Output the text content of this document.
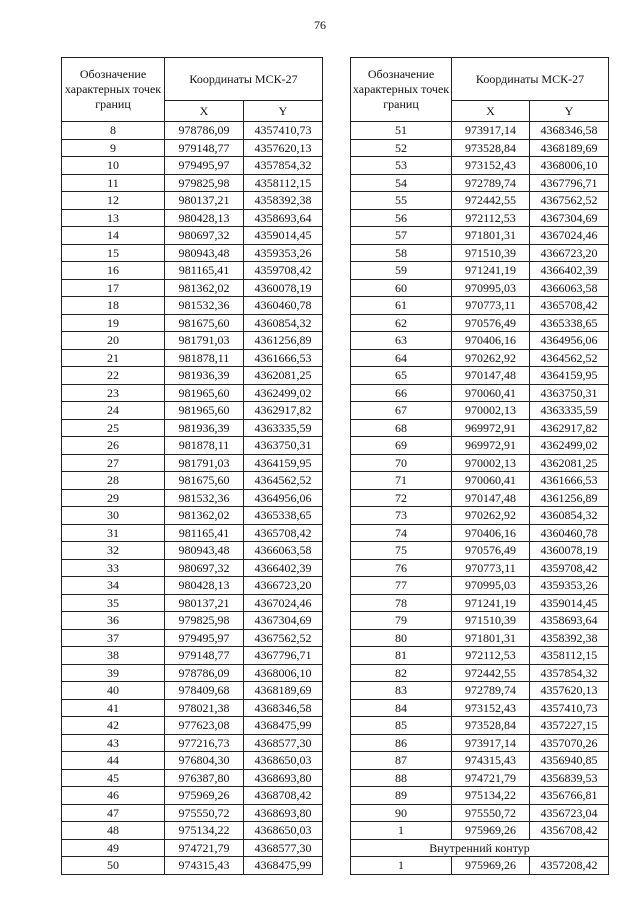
76
Обозначение характерных точек границ	Координаты МСК-27	
	X	Y
8	978786,09	4357410,73
9	979148,77	4357620,13
10	979495,97	4357854,32
11	979825,98	4358112,15
12	980137,21	4358392,38
13	980428,13	4358693,64
14	980697,32	4359014,45
15	980943,48	4359353,26
16	981165,41	4359708,42
17	981362,02	4360078,19
18	981532,36	4360460,78
19	981675,60	4360854,32
20	981791,03	4361256,89
21	981878,11	4361666,53
22	981936,39	4362081,25
23	981965,60	4362499,02
24	981965,60	4362917,82
25	981936,39	4363335,59
26	981878,11	4363750,31
27	981791,03	4364159,95
28	981675,60	4364562,52
29	981532,36	4364956,06
30	981362,02	4365338,65
31	981165,41	4365708,42
32	980943,48	4366063,58
33	980697,32	4366402,39
34	980428,13	4366723,20
35	980137,21	4367024,46
36	979825,98	4367304,69
37	979495,97	4367562,52
38	979148,77	4367796,71
39	978786,09	4368006,10
40	978409,68	4368189,69
41	978021,38	4368346,58
42	977623,08	4368475,99
43	977216,73	4368577,30
44	976804,30	4368650,03
45	976387,80	4368693,80
46	975969,26	4368708,42
47	975550,72	4368693,80
48	975134,22	4368650,03
49	974721,79	4368577,30
50	974315,43	4368475,99
Обозначение характерных точек границ	Координаты МСК-27	
	X	Y
51	973917,14	4368346,58
52	973528,84	4368189,69
53	973152,43	4368006,10
54	972789,74	4367796,71
55	972442,55	4367562,52
56	972112,53	4367304,69
57	971801,31	4367024,46
58	971510,39	4366723,20
59	971241,19	4366402,39
60	970995,03	4366063,58
61	970773,11	4365708,42
62	970576,49	4365338,65
63	970406,16	4364956,06
64	970262,92	4364562,52
65	970147,48	4364159,95
66	970060,41	4363750,31
67	970002,13	4363335,59
68	969972,91	4362917,82
69	969972,91	4362499,02
70	970002,13	4362081,25
71	970060,41	4361666,53
72	970147,48	4361256,89
73	970262,92	4360854,32
74	970406,16	4360460,78
75	970576,49	4360078,19
76	970773,11	4359708,42
77	970995,03	4359353,26
78	971241,19	4359014,45
79	971510,39	4358693,64
80	971801,31	4358392,38
81	972112,53	4358112,15
82	972442,55	4357854,32
83	972789,74	4357620,13
84	973152,43	4357410,73
85	973528,84	4357227,15
86	973917,14	4357070,26
87	974315,43	4356940,85
88	974721,79	4356839,53
89	975134,22	4356766,81
90	975550,72	4356723,04
1	975969,26	4356708,42
Внутренний контур		
1	975969,26	4357208,42
